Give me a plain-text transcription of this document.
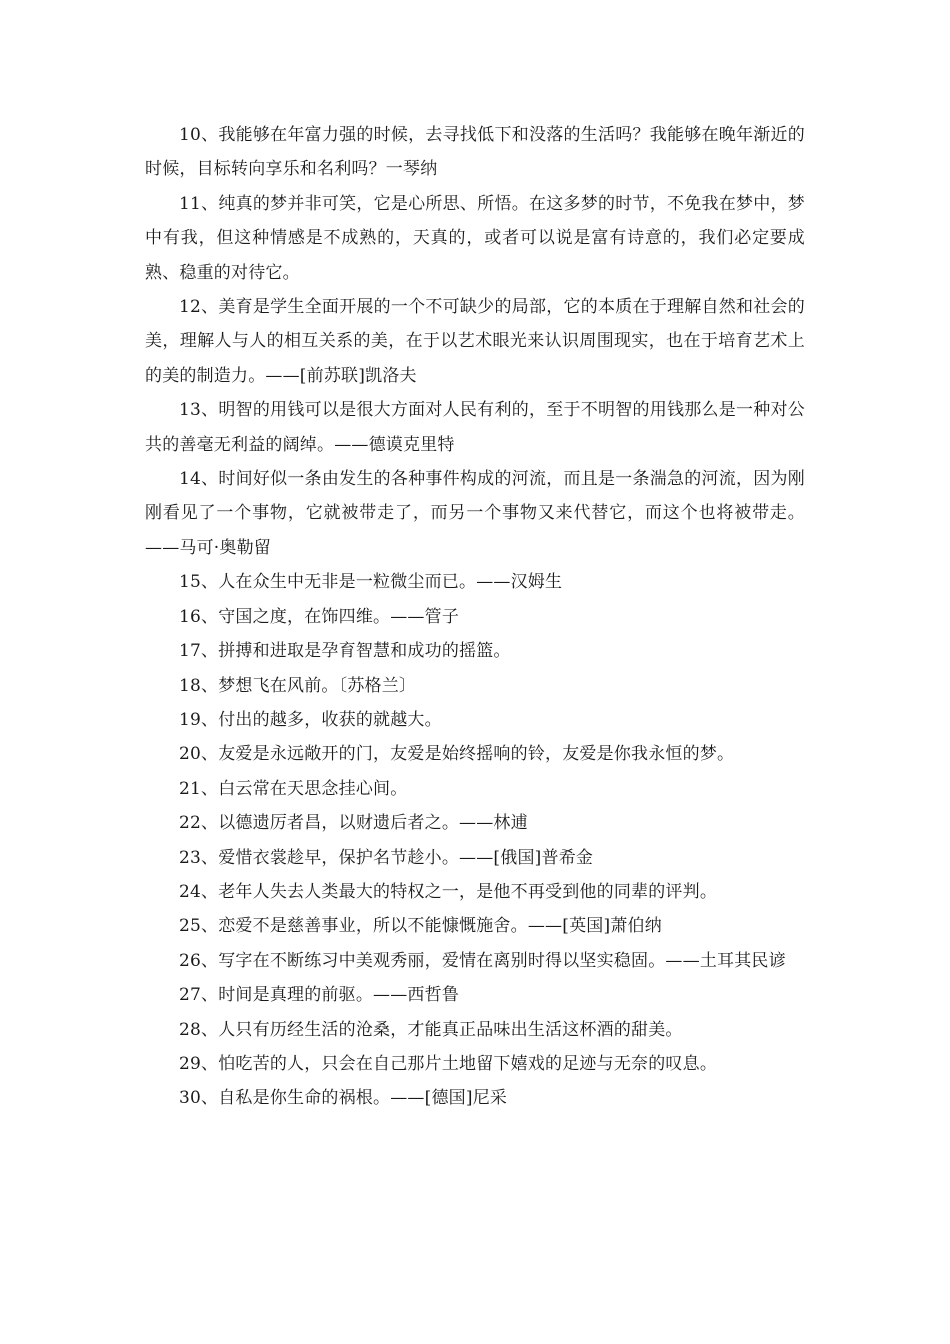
10、我能够在年富力强的时候，去寻找低下和没落的生活吗？我能够在晚年渐近的时候，目标转向享乐和名利吗？一琴纳

11、纯真的梦并非可笑，它是心所思、所悟。在这多梦的时节，不免我在梦中，梦中有我，但这种情感是不成熟的，天真的，或者可以说是富有诗意的，我们必定要成熟、稳重的对待它。

12、美育是学生全面开展的一个不可缺少的局部，它的本质在于理解自然和社会的美，理解人与人的相互关系的美，在于以艺术眼光来认识周围现实，也在于培育艺术上的美的制造力。——[前苏联]凯洛夫

13、明智的用钱可以是很大方面对人民有利的，至于不明智的用钱那么是一种对公共的善毫无利益的阔绰。——德谟克里特

14、时间好似一条由发生的各种事件构成的河流，而且是一条湍急的河流，因为刚刚看见了一个事物，它就被带走了，而另一个事物又来代替它，而这个也将被带走。——马可·奥勒留

15、人在众生中无非是一粒微尘而已。——汉姆生

16、守国之度，在饰四维。——管子

17、拼搏和进取是孕育智慧和成功的摇篮。

18、梦想飞在风前。〔苏格兰〕

19、付出的越多，收获的就越大。

20、友爱是永远敞开的门，友爱是始终摇响的铃，友爱是你我永恒的梦。

21、白云常在天思念挂心间。

22、以德遗厉者昌，以财遗后者之。——林逋

23、爱惜衣裳趁早，保护名节趁小。——[俄国]普希金

24、老年人失去人类最大的特权之一，是他不再受到他的同辈的评判。

25、恋爱不是慈善事业，所以不能慷慨施舍。——[英国]萧伯纳

26、写字在不断练习中美观秀丽，爱情在离别时得以坚实稳固。——土耳其民谚

27、时间是真理的前驱。——西哲鲁

28、人只有历经生活的沧桑，才能真正品味出生活这杯酒的甜美。

29、怕吃苦的人，只会在自己那片土地留下嬉戏的足迹与无奈的叹息。

30、自私是你生命的祸根。——[德国]尼采
